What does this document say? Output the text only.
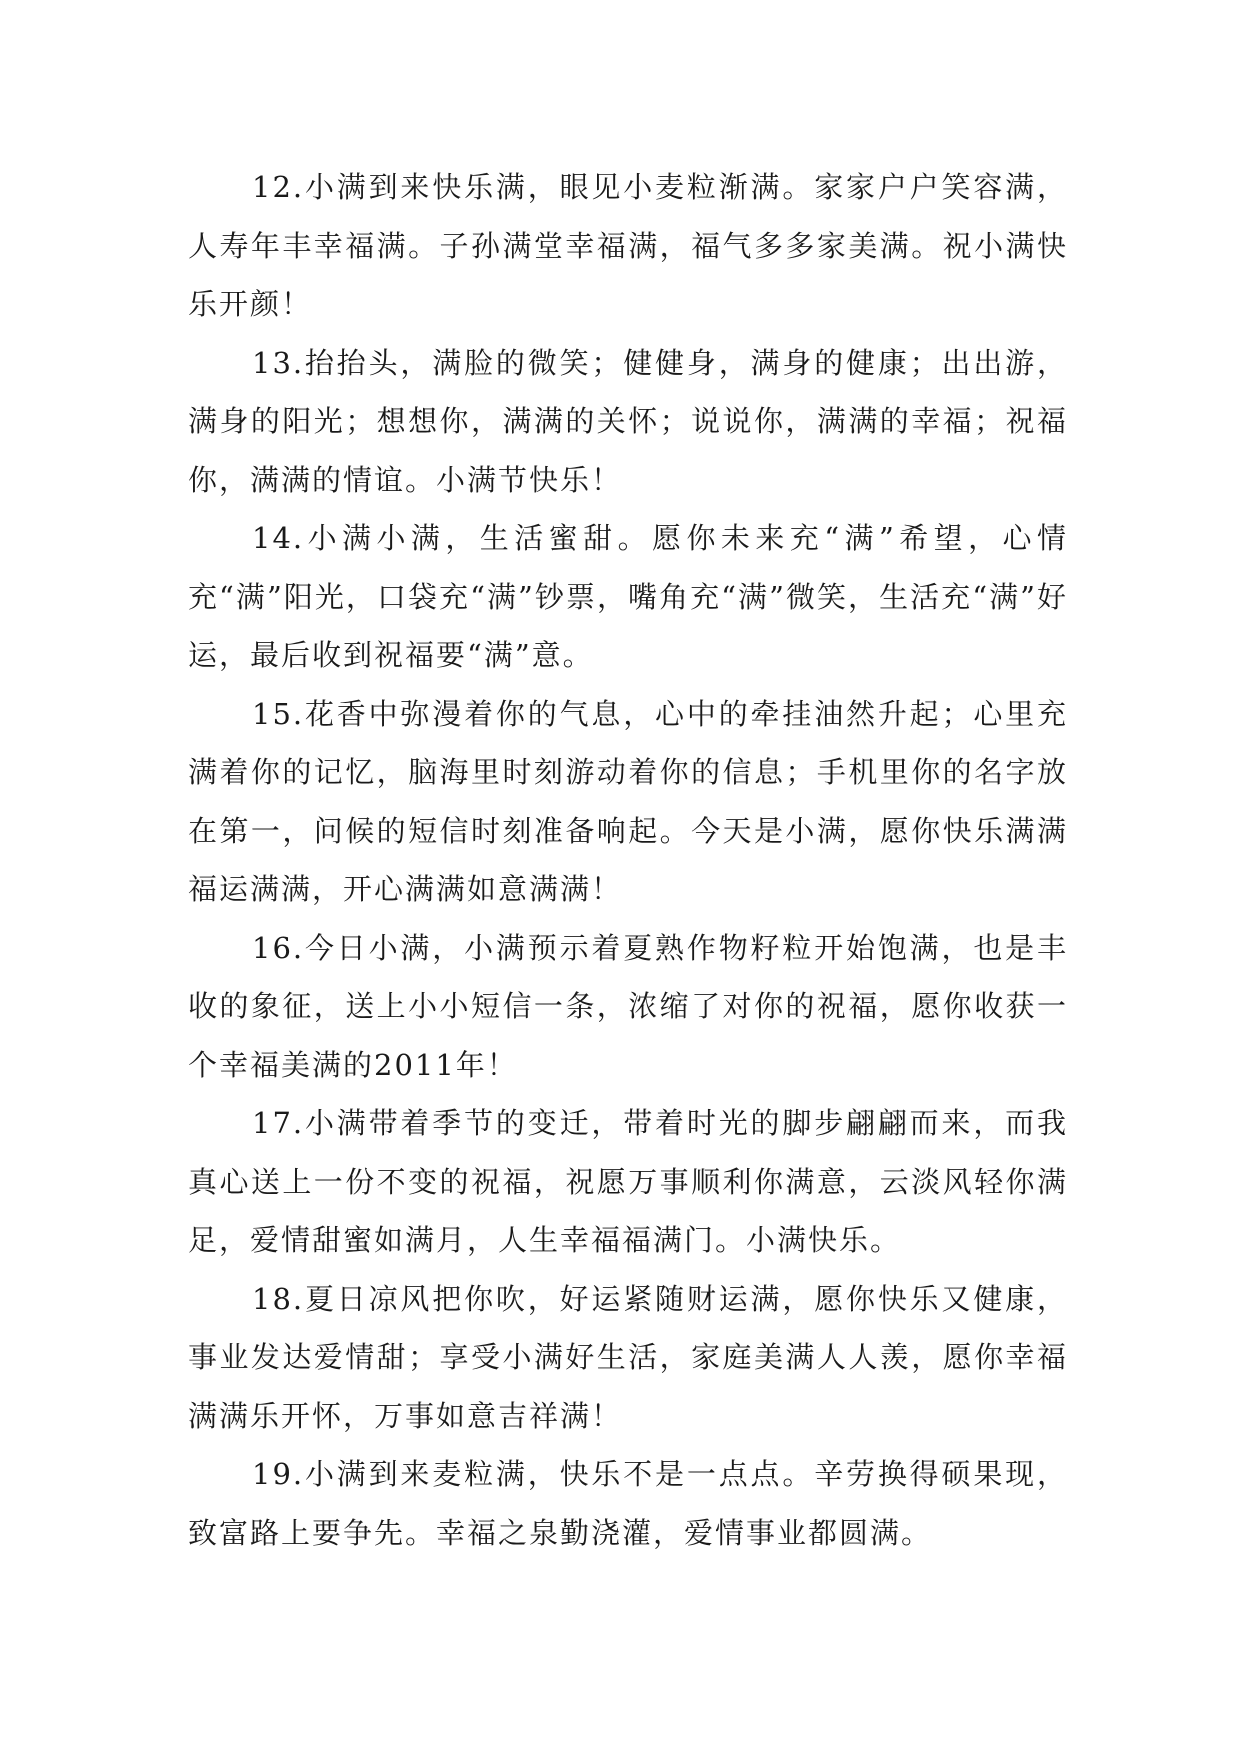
12.小满到来快乐满，眼见小麦粒渐满。家家户户笑容满，人寿年丰幸福满。子孙满堂幸福满，福气多多家美满。祝小满快乐开颜！

13.抬抬头，满脸的微笑；健健身，满身的健康；出出游，满身的阳光；想想你，满满的关怀；说说你，满满的幸福；祝福你，满满的情谊。小满节快乐！

14.小满小满，生活蜜甜。愿你未来充“满”希望，心情充“满”阳光，口袋充“满”钞票，嘴角充“满”微笑，生活充“满”好运，最后收到祝福要“满”意。

15.花香中弥漫着你的气息，心中的牵挂油然升起；心里充满着你的记忆，脑海里时刻游动着你的信息；手机里你的名字放在第一，问候的短信时刻准备响起。今天是小满，愿你快乐满满福运满满，开心满满如意满满！

16.今日小满，小满预示着夏熟作物籽粒开始饱满，也是丰收的象征，送上小小短信一条，浓缩了对你的祝福，愿你收获一个幸福美满的2011年！

17.小满带着季节的变迁，带着时光的脚步翩翩而来，而我真心送上一份不变的祝福，祝愿万事顺利你满意，云淡风轻你满足，爱情甜蜜如满月，人生幸福福满门。小满快乐。

18.夏日凉风把你吹，好运紧随财运满，愿你快乐又健康，事业发达爱情甜；享受小满好生活，家庭美满人人羡，愿你幸福满满乐开怀，万事如意吉祥满！

19.小满到来麦粒满，快乐不是一点点。辛劳换得硕果现，致富路上要争先。幸福之泉勤浇灌，爱情事业都圆满。
